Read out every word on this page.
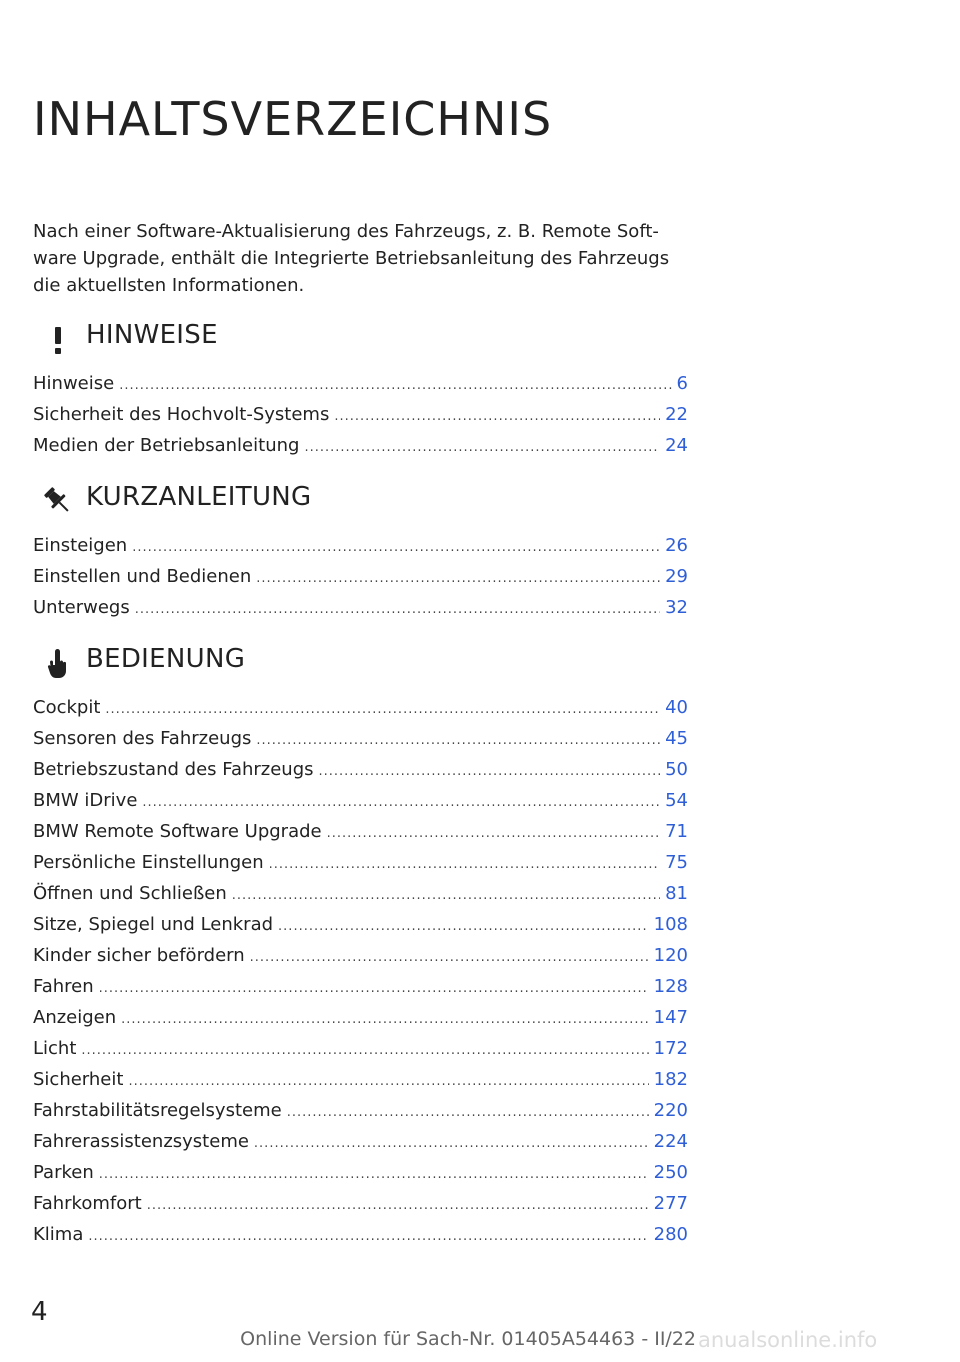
INHALTSVERZEICHNIS

Nach einer Software-Aktualisierung des Fahrzeugs, z. B. Remote Soft-ware Upgrade, enthält die Integrierte Betriebsanleitung des Fahrzeugs die aktuellsten Informationen.

HINWEISE
Hinweise .....	6
Sicherheit des Hochvolt-Systems .....	22
Medien der Betriebsanleitung .....	24
KURZANLEITUNG
Einsteigen .....	26
Einstellen und Bedienen .....	29
Unterwegs .....	32
BEDIENUNG
Cockpit .....	40
Sensoren des Fahrzeugs .....	45
Betriebszustand des Fahrzeugs .....	50
BMW iDrive .....	54
BMW Remote Software Upgrade .....	71
Persönliche Einstellungen .....	75
Öffnen und Schließen .....	81
Sitze, Spiegel und Lenkrad .....	108
Kinder sicher befördern .....	120
Fahren .....	128
Anzeigen .....	147
Licht .....	172
Sicherheit .....	182
Fahrstabilitätsregelsysteme .....	220
Fahrerassistenzsysteme .....	224
Parken .....	250
Fahrkomfort .....	277
Klima .....	280
4
Online Version für Sach-Nr. 01405A54463 - II/22 anualsonline.info
